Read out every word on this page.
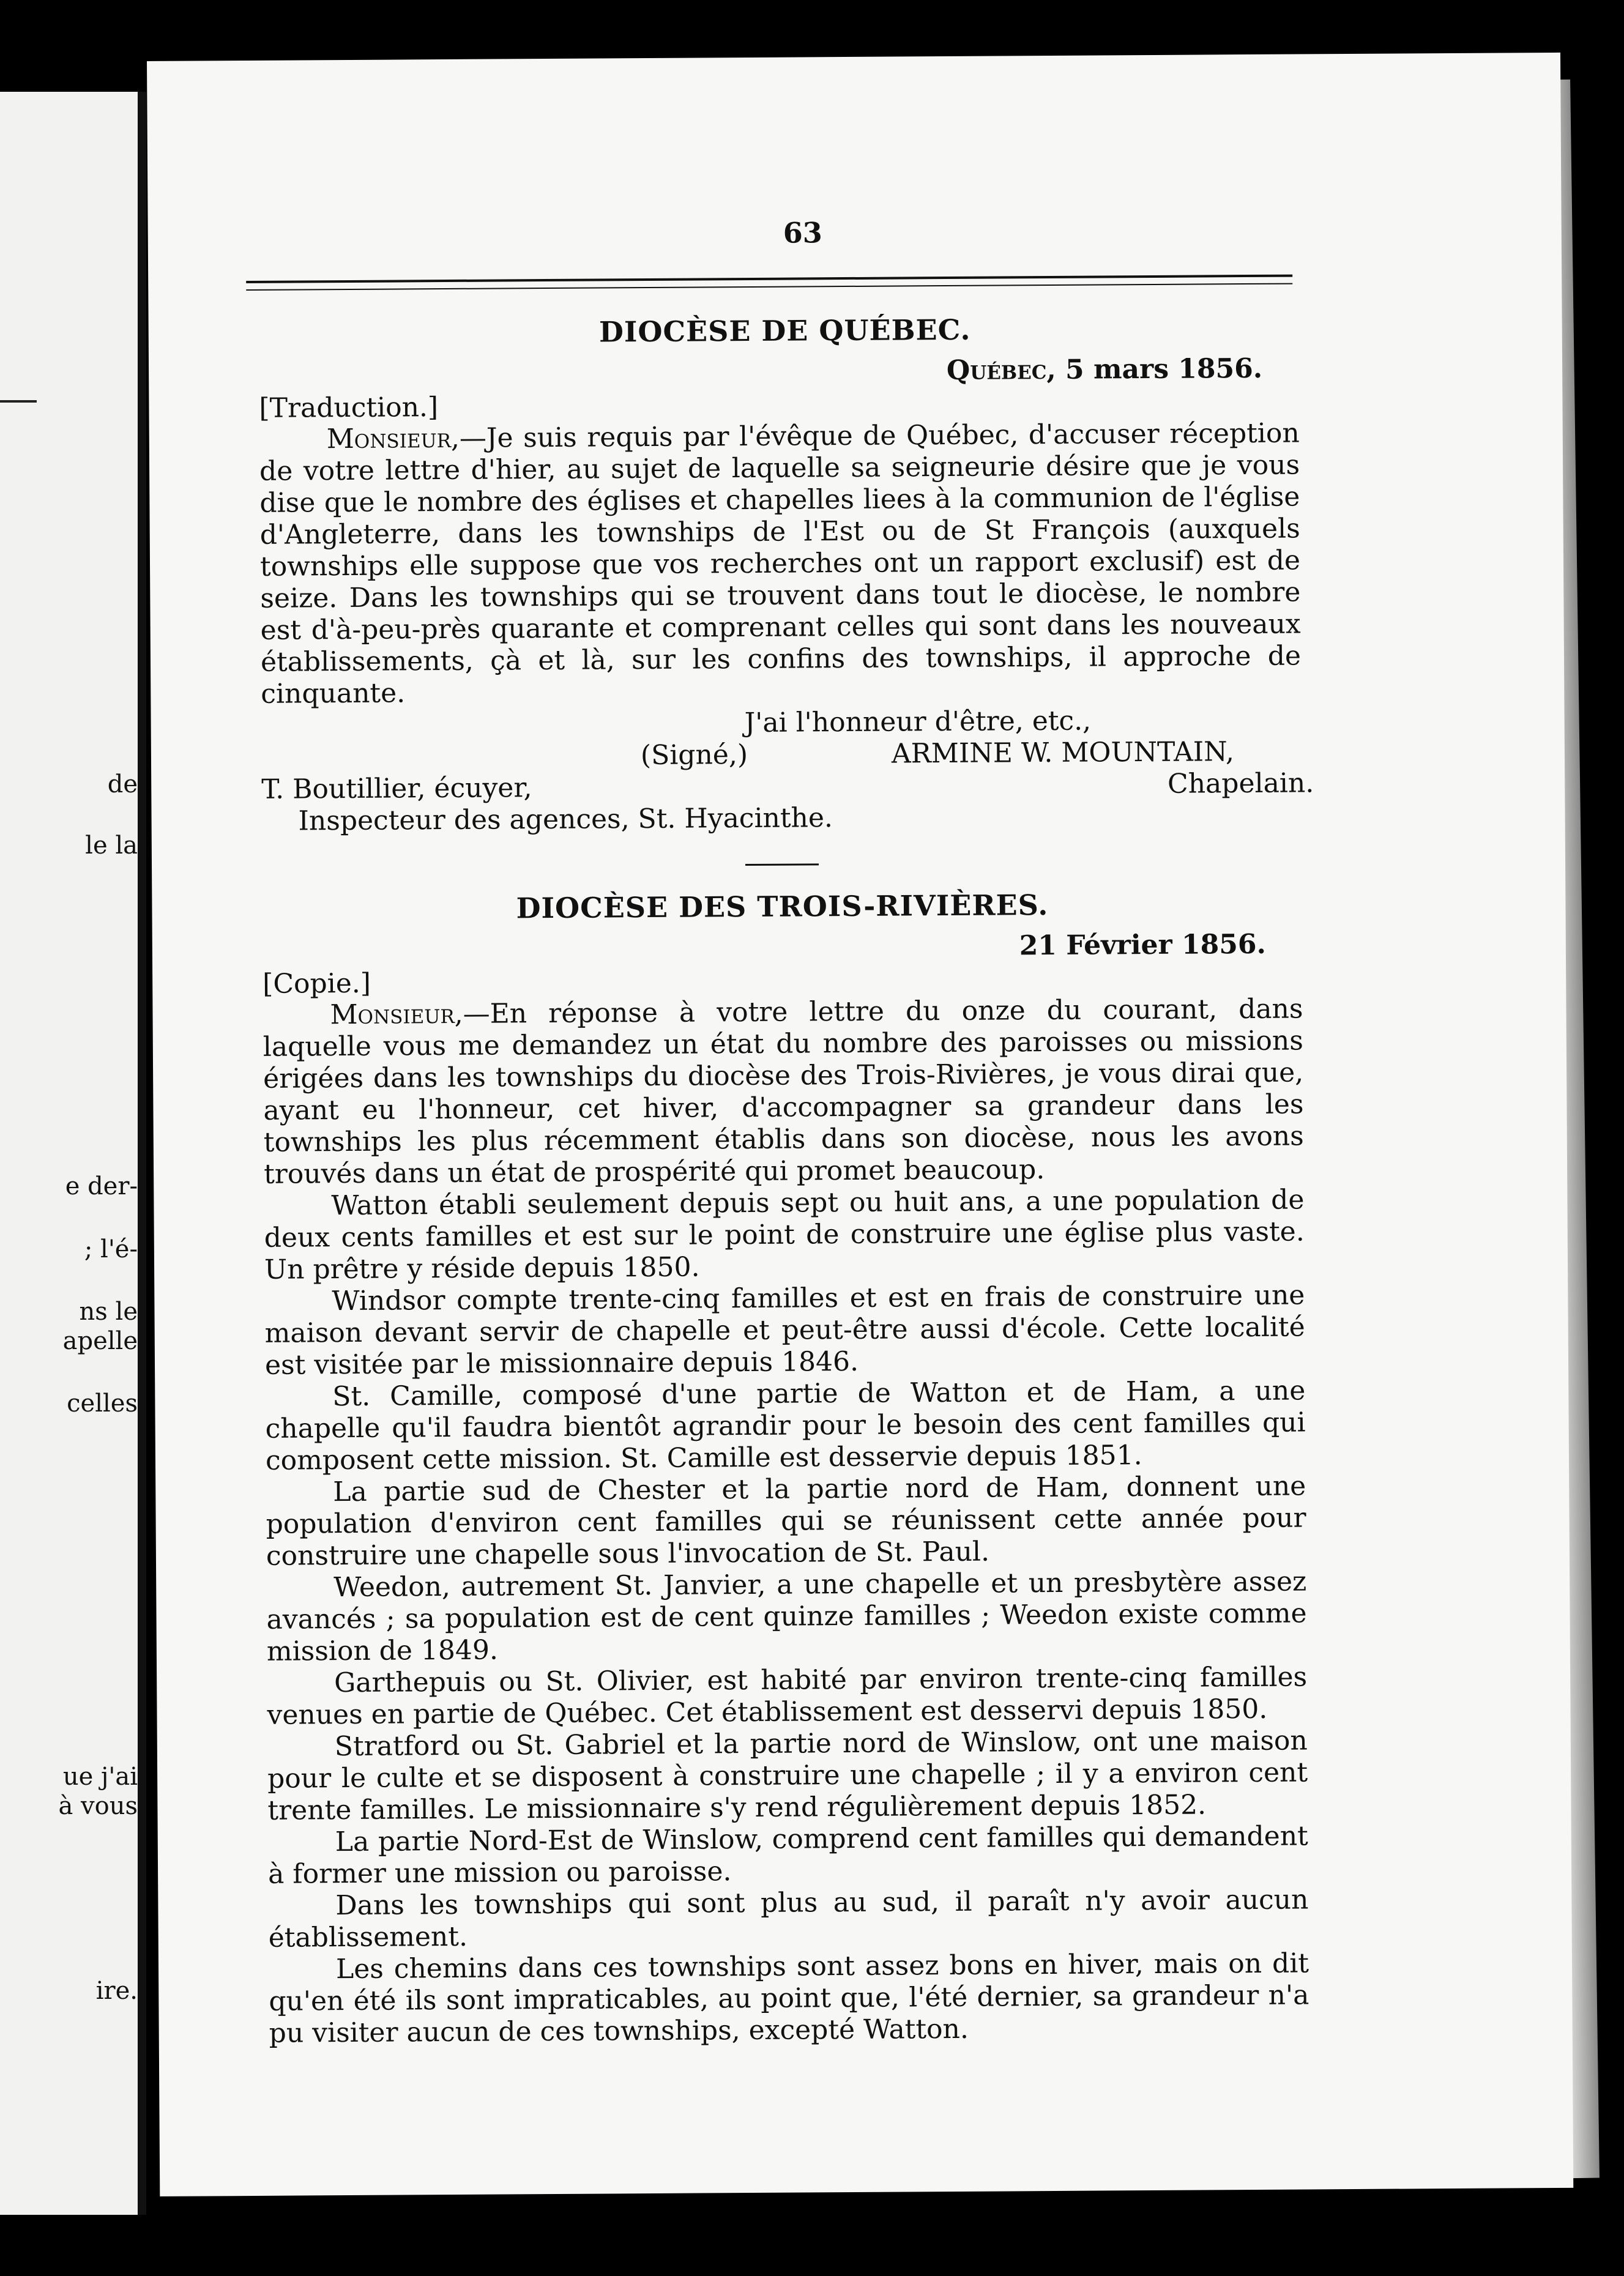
de
le la
e der-
; l'é-
ns le
apelle
celles
ue j'ai
à vous
ire.
63
DIOCÈSE DE QUÉBEC.

Québec, 5 mars 1856.

[Traduction.]

Monsieur,—Je suis requis par l'évêque de Québec, d'accuser réception de votre lettre d'hier, au sujet de laquelle sa seigneurie désire que je vous dise que le nombre des églises et chapelles liees à la communion de l'église d'Angleterre, dans les townships de l'Est ou de St François (auxquels townships elle suppose que vos recherches ont un rapport exclusif) est de seize. Dans les townships qui se trouvent dans tout le diocèse, le nombre est d'à-peu-près quarante et comprenant celles qui sont dans les nouveaux établissements, çà et là, sur les confins des townships, il approche de cinquante.

J'ai l'honneur d'être, etc.,

(Signé,)	ARMINE W. MOUNTAIN,
T. Boutillier, écuyer,	Chapelain.
Inspecteur des agences, St. Hyacinthe.
DIOCÈSE DES TROIS-RIVIÈRES.

21 Février 1856.

[Copie.]

Monsieur,—En réponse à votre lettre du onze du courant, dans laquelle vous me demandez un état du nombre des paroisses ou missions érigées dans les townships du diocèse des Trois-Rivières, je vous dirai que, ayant eu l'honneur, cet hiver, d'accompagner sa grandeur dans les townships les plus récemment établis dans son diocèse, nous les avons trouvés dans un état de prospérité qui promet beaucoup.

Watton établi seulement depuis sept ou huit ans, a une population de deux cents familles et est sur le point de construire une église plus vaste. Un prêtre y réside depuis 1850.

Windsor compte trente-cinq familles et est en frais de construire une maison devant servir de chapelle et peut-être aussi d'école. Cette localité est visitée par le missionnaire depuis 1846.

St. Camille, composé d'une partie de Watton et de Ham, a une chapelle qu'il faudra bientôt agrandir pour le besoin des cent familles qui composent cette mission. St. Camille est desservie depuis 1851.

La partie sud de Chester et la partie nord de Ham, donnent une population d'environ cent familles qui se réunissent cette année pour construire une chapelle sous l'invocation de St. Paul.

Weedon, autrement St. Janvier, a une chapelle et un presbytère assez avancés ; sa population est de cent quinze familles ; Weedon existe comme mission de 1849.

Garthepuis ou St. Olivier, est habité par environ trente-cinq familles venues en partie de Québec. Cet établissement est desservi depuis 1850.

Stratford ou St. Gabriel et la partie nord de Winslow, ont une maison pour le culte et se disposent à construire une chapelle ; il y a environ cent trente familles. Le missionnaire s'y rend régulièrement depuis 1852.

La partie Nord-Est de Winslow, comprend cent familles qui demandent à former une mission ou paroisse.

Dans les townships qui sont plus au sud, il paraît n'y avoir aucun établissement.

Les chemins dans ces townships sont assez bons en hiver, mais on dit qu'en été ils sont impraticables, au point que, l'été dernier, sa grandeur n'a pu visiter aucun de ces townships, excepté Watton.
